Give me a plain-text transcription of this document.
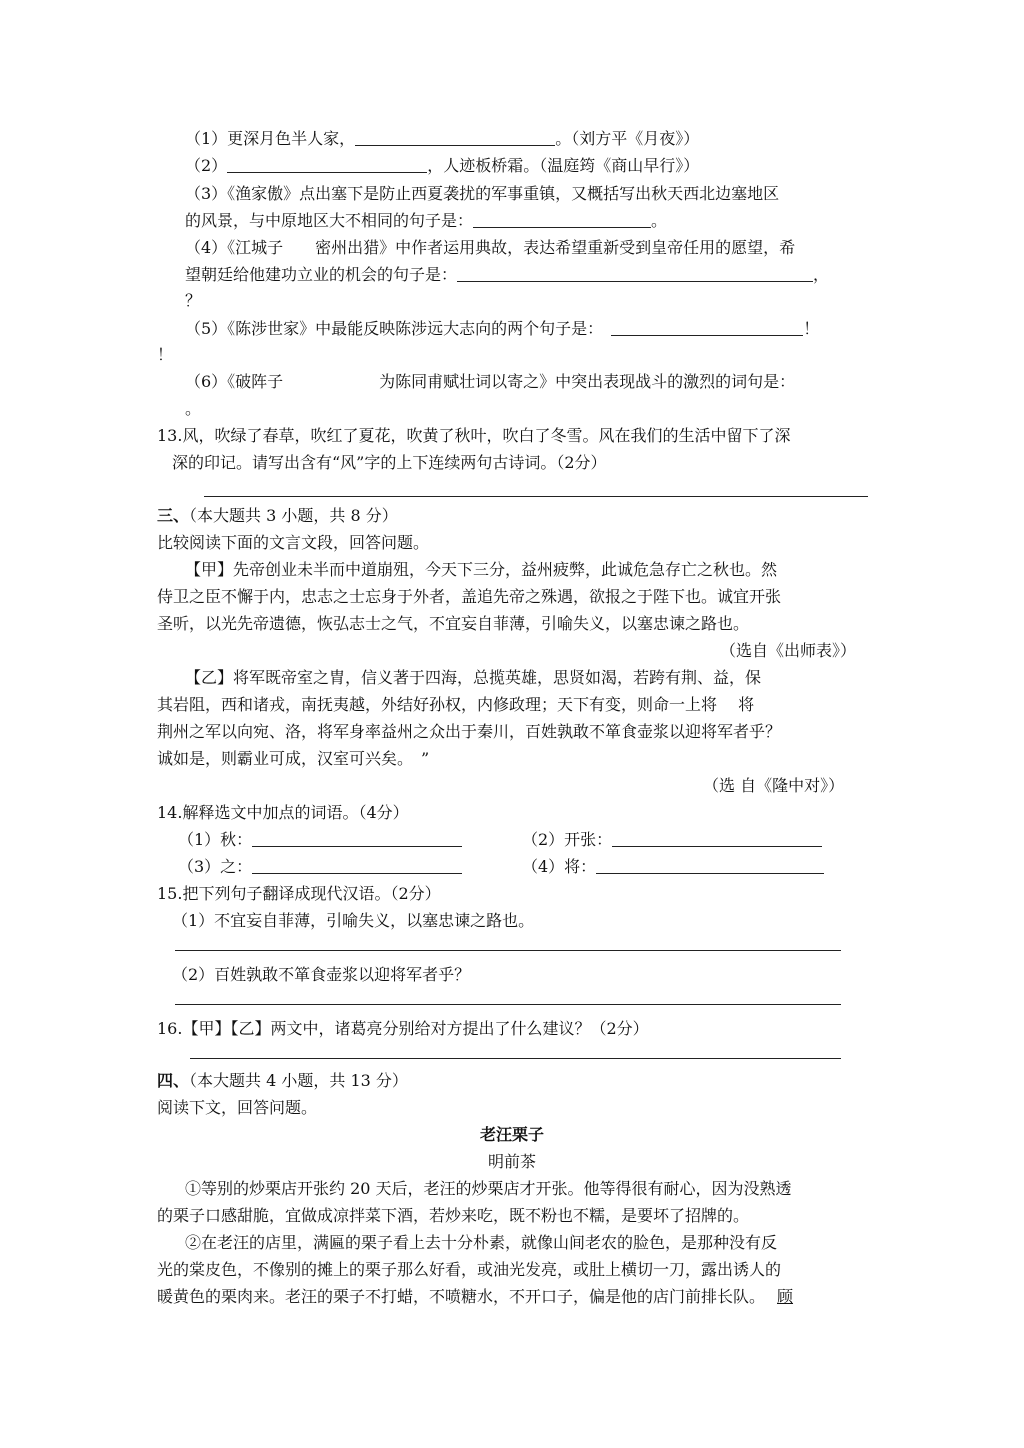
（1）更深月色半人家，	。（刘方平《月夜》）
（2）	，人迹板桥霜。（温庭筠《商山早行》）
（3）《渔家傲》点出塞下是防止西夏袭扰的军事重镇，又概括写出秋天西北边塞地区
的风景，与中原地区大不相同的句子是：	。
（4）《江城子　　密州出猎》中作者运用典故，表达希望重新受到皇帝任用的愿望，希
望朝廷给他建功立业的机会的句子是：	，
？
（5）《陈涉世家》中最能反映陈涉远大志向的两个句子是：	！
！
（6）《破阵子　　　　　　为陈同甫赋壮词以寄之》中突出表现战斗的激烈的词句是：
。
13.风，吹绿了春草，吹红了夏花，吹黄了秋叶，吹白了冬雪。风在我们的生活中留下了深
深的印记。请写出含有“风”字的上下连续两句古诗词。（2分）
三、（本大题共 3 小题，共 8 分）
比较阅读下面的文言文段，回答问题。
【甲】先帝创业未半而中道崩殂，今天下三分，益州疲弊，此诚危急存亡之秋也。然
侍卫之臣不懈于内，忠志之士忘身于外者，盖追先帝之殊遇，欲报之于陛下也。诚宜开张
圣听，以光先帝遗德，恢弘志士之气，不宜妄自菲薄，引喻失义，以塞忠谏之路也。
（选自《出师表》）
【乙】将军既帝室之胄，信义著于四海，总揽英雄，思贤如渴，若跨有荆、益，保
其岩阻，西和诸戎，南抚夷越，外结好孙权，内修政理；天下有变，则命一上将　 将
荆州之军以向宛、洛，将军身率益州之众出于秦川，百姓孰敢不箪食壶浆以迎将军者乎？
诚如是，则霸业可成，汉室可兴矣。　”
（选 自《隆中对》）
14.解释选文中加点的词语。（4分）
（1）秋：	（2）开张：
（3）之：	（4）将：
15.把下列句子翻译成现代汉语。（2分）
（1）不宜妄自菲薄，引喻失义，以塞忠谏之路也。
（2）百姓孰敢不箪食壶浆以迎将军者乎？
16.【甲】【乙】两文中，诸葛亮分别给对方提出了什么建议？（2分）
四、（本大题共 4 小题，共 13 分）
阅读下文，回答问题。
老汪栗子
明前茶
①等别的炒栗店开张约 20 天后，老汪的炒栗店才开张。他等得很有耐心，因为没熟透
的栗子口感甜脆，宜做成凉拌菜下酒，若炒来吃，既不粉也不糯，是要坏了招牌的。
②在老汪的店里，满匾的栗子看上去十分朴素，就像山间老农的脸色，是那种没有反
光的棠皮色，不像别的摊上的栗子那么好看，或油光发亮，或肚上横切一刀，露出诱人的
暖黄色的栗肉来。老汪的栗子不打蜡，不喷糖水，不开口子，偏是他的店门前排长队。 顾
